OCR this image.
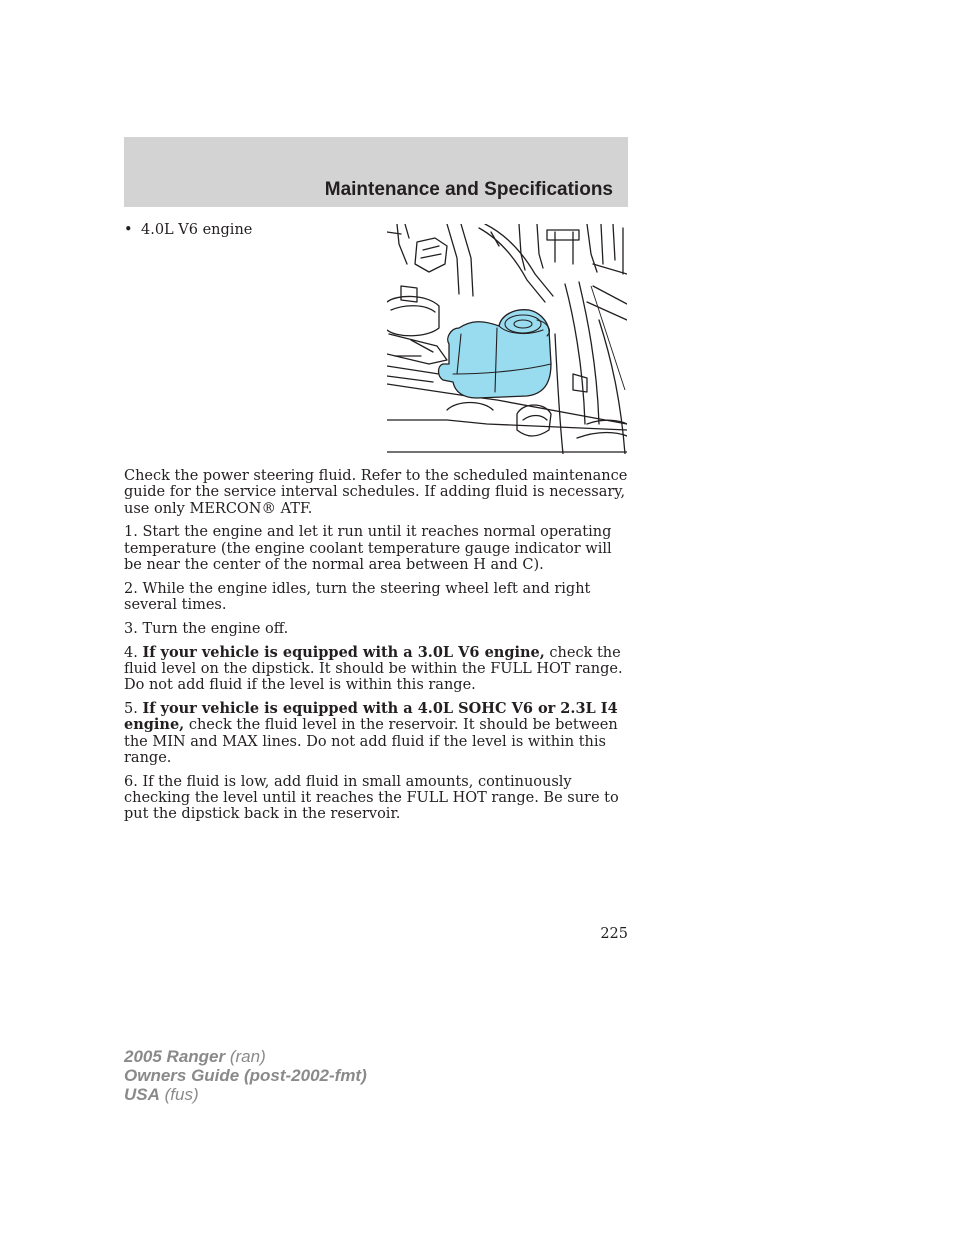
Maintenance and Specifications
• 4.0L V6 engine

Check the power steering fluid. Refer to the scheduled maintenance guide for the service interval schedules. If adding fluid is necessary, use only MERCON® ATF.

1. Start the engine and let it run until it reaches normal operating temperature (the engine coolant temperature gauge indicator will be near the center of the normal area between H and C).

2. While the engine idles, turn the steering wheel left and right several times.

3. Turn the engine off.

4. If your vehicle is equipped with a 3.0L V6 engine, check the fluid level on the dipstick. It should be within the FULL HOT range. Do not add fluid if the level is within this range.

5. If your vehicle is equipped with a 4.0L SOHC V6 or 2.3L I4 engine, check the fluid level in the reservoir. It should be between the MIN and MAX lines. Do not add fluid if the level is within this range.

6. If the fluid is low, add fluid in small amounts, continuously checking the level until it reaches the FULL HOT range. Be sure to put the dipstick back in the reservoir.

225
2005 Ranger (ran)
Owners Guide (post-2002-fmt)
USA (fus)
